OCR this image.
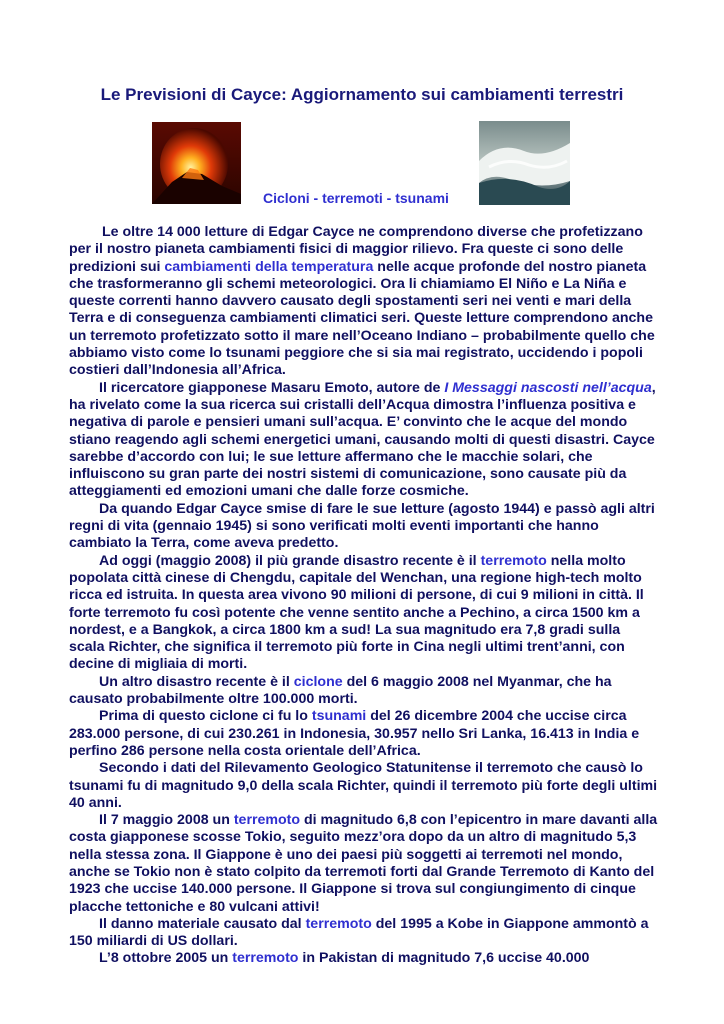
Le Previsioni di Cayce: Aggiornamento sui cambiamenti terrestri

Cicloni - terremoti - tsunami

Le oltre 14 000 letture di Edgar Cayce ne comprendono diverse che profetizzano per il nostro pianeta cambiamenti fisici di maggior rilievo. Fra queste ci sono delle predizioni sui cambiamenti della temperatura nelle acque profonde del nostro pianeta che trasformeranno gli schemi meteorologici. Ora li chiamiamo El Niño e La Niña e queste correnti hanno davvero causato degli spostamenti seri nei venti e mari della Terra e di conseguenza cambiamenti climatici seri. Queste letture comprendono anche un terremoto profetizzato sotto il mare nell’Oceano Indiano – probabilmente quello che abbiamo visto come lo tsunami peggiore che si sia mai registrato, uccidendo i popoli costieri dall’Indonesia all’Africa.

Il ricercatore giapponese Masaru Emoto, autore de I Messaggi nascosti nell’acqua, ha rivelato come la sua ricerca sui cristalli dell’Acqua dimostra l’influenza positiva e negativa di parole e pensieri umani sull’acqua. E’ convinto che le acque del mondo stiano reagendo agli schemi energetici umani, causando molti di questi disastri. Cayce sarebbe d’accordo con lui; le sue letture affermano che le macchie solari, che influiscono su gran parte dei nostri sistemi di comunicazione, sono causate più da atteggiamenti ed emozioni umani che dalle forze cosmiche.

Da quando Edgar Cayce smise di fare le sue letture (agosto 1944) e passò agli altri regni di vita (gennaio 1945) si sono verificati molti eventi importanti che hanno cambiato la Terra, come aveva predetto.

Ad oggi (maggio 2008) il più grande disastro recente è il terremoto nella molto popolata città cinese di Chengdu, capitale del Wenchan, una regione high-tech molto ricca ed istruita. In questa area vivono 90 milioni di persone, di cui 9 milioni in città. Il forte terremoto fu così potente che venne sentito anche a Pechino, a circa 1500 km a nordest, e a Bangkok, a circa 1800 km a sud! La sua magnitudo era 7,8 gradi sulla scala Richter, che significa il terremoto più forte in Cina negli ultimi trent’anni, con decine di migliaia di morti.

Un altro disastro recente è il ciclone del 6 maggio 2008 nel Myanmar, che ha causato probabilmente oltre 100.000 morti.

Prima di questo ciclone ci fu lo tsunami del 26 dicembre 2004 che uccise circa 283.000 persone, di cui 230.261 in Indonesia, 30.957 nello Sri Lanka, 16.413 in India e perfino 286 persone nella costa orientale dell’Africa.

Secondo i dati del Rilevamento Geologico Statunitense il terremoto che causò lo tsunami fu di magnitudo 9,0 della scala Richter, quindi il terremoto più forte degli ultimi 40 anni.

Il 7 maggio 2008 un terremoto di magnitudo 6,8 con l’epicentro in mare davanti alla costa giapponese scosse Tokio, seguito mezz’ora dopo da un altro di magnitudo 5,3 nella stessa zona. Il Giappone è uno dei paesi più soggetti ai terremoti nel mondo, anche se Tokio non è stato colpito da terremoti forti dal Grande Terremoto di Kanto del 1923 che uccise 140.000 persone. Il Giappone si trova sul congiungimento di cinque placche tettoniche e 80 vulcani attivi!

Il danno materiale causato dal terremoto del 1995 a Kobe in Giappone ammontò a 150 miliardi di US dollari.

L’8 ottobre 2005 un terremoto in Pakistan di magnitudo 7,6 uccise 40.000
